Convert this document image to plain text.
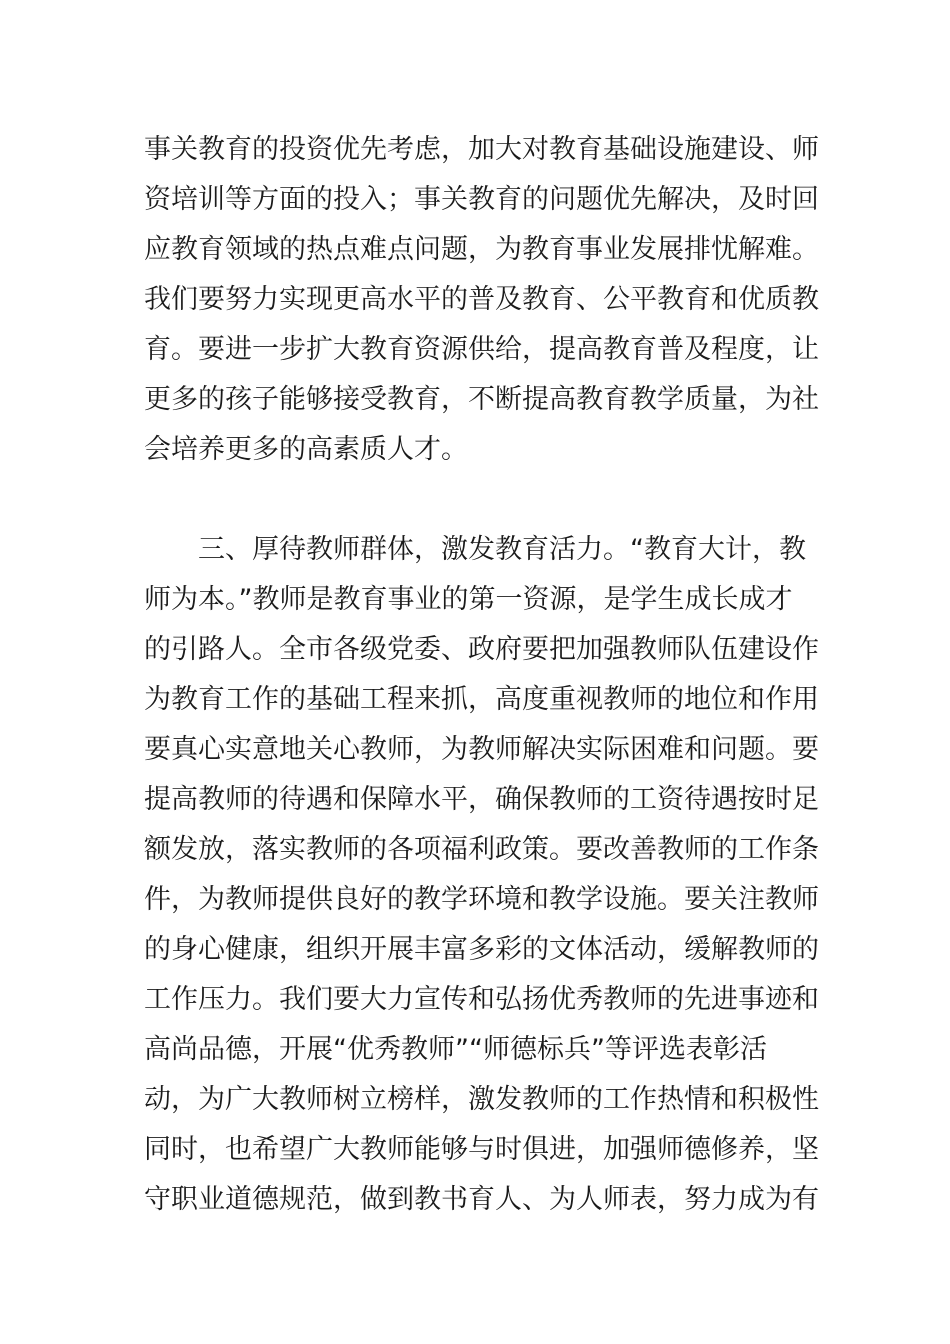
事关教育的投资优先考虑，加大对教育基础设施建设、师
资培训等方面的投入；事关教育的问题优先解决，及时回
应教育领域的热点难点问题，为教育事业发展排忧解难。
我们要努力实现更高水平的普及教育、公平教育和优质教
育。要进一步扩大教育资源供给，提高教育普及程度，让
更多的孩子能够接受教育，不断提高教育教学质量，为社
会培养更多的高素质人才。
三、厚待教师群体，激发教育活力。“教育大计，教
师为本。”教师是教育事业的第一资源，是学生成长成才
的引路人。全市各级党委、政府要把加强教师队伍建设作
为教育工作的基础工程来抓，高度重视教师的地位和作用
要真心实意地关心教师，为教师解决实际困难和问题。要
提高教师的待遇和保障水平，确保教师的工资待遇按时足
额发放，落实教师的各项福利政策。要改善教师的工作条
件，为教师提供良好的教学环境和教学设施。要关注教师
的身心健康，组织开展丰富多彩的文体活动，缓解教师的
工作压力。我们要大力宣传和弘扬优秀教师的先进事迹和
高尚品德，开展“优秀教师”“师德标兵”等评选表彰活
动，为广大教师树立榜样，激发教师的工作热情和积极性
同时，也希望广大教师能够与时俱进，加强师德修养，坚
守职业道德规范，做到教书育人、为人师表，努力成为有
